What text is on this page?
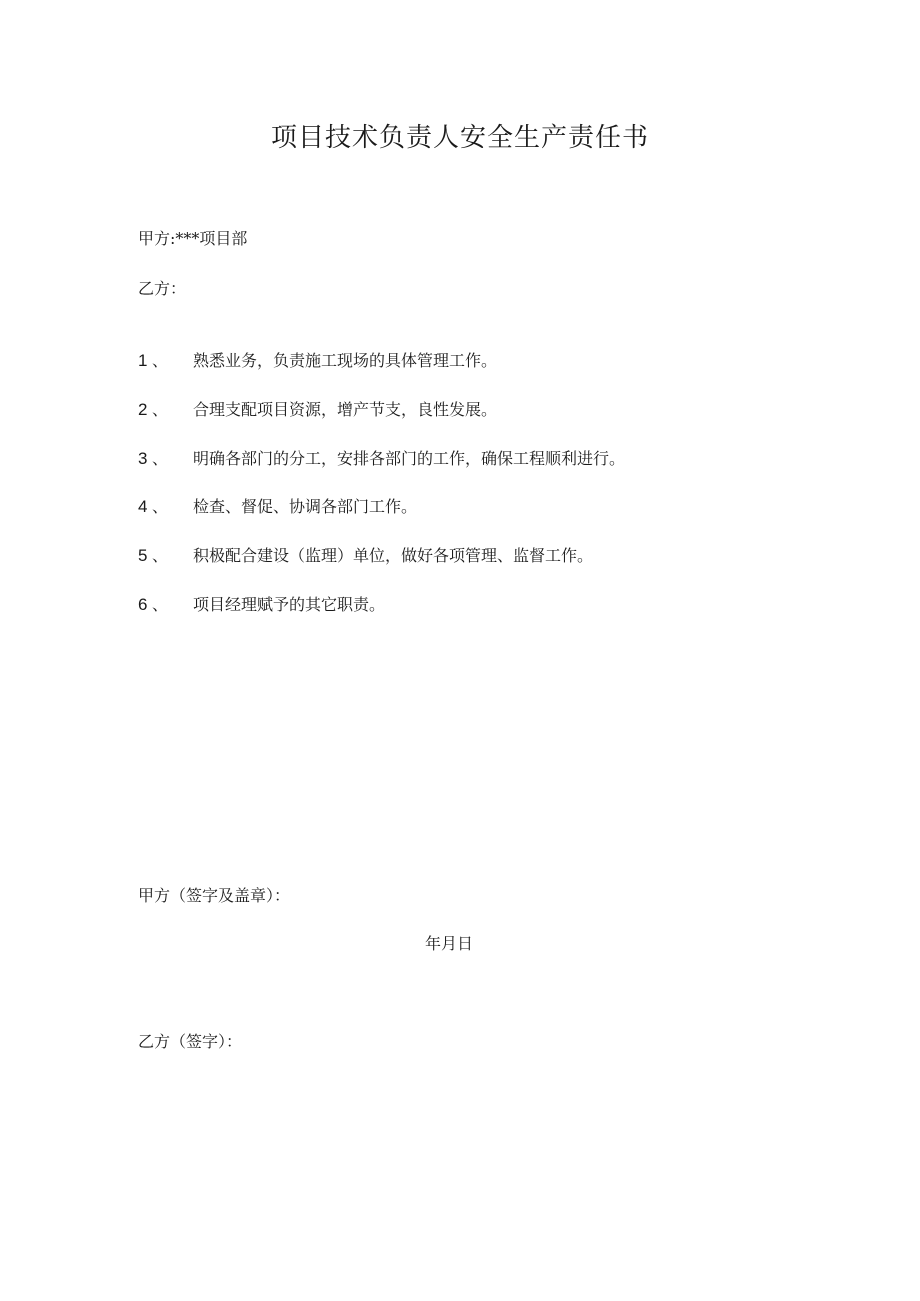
项目技术负责人安全生产责任书
甲方:***项目部
乙方：
1 、 熟悉业务，负责施工现场的具体管理工作。
2 、 合理支配项目资源，增产节支，良性发展。
3 、 明确各部门的分工，安排各部门的工作，确保工程顺利进行。
4 、 检查、督促、协调各部门工作。
5 、 积极配合建设（监理）单位，做好各项管理、监督工作。
6 、 项目经理赋予的其它职责。
甲方（签字及盖章）：
年月日
乙方（签字）：
